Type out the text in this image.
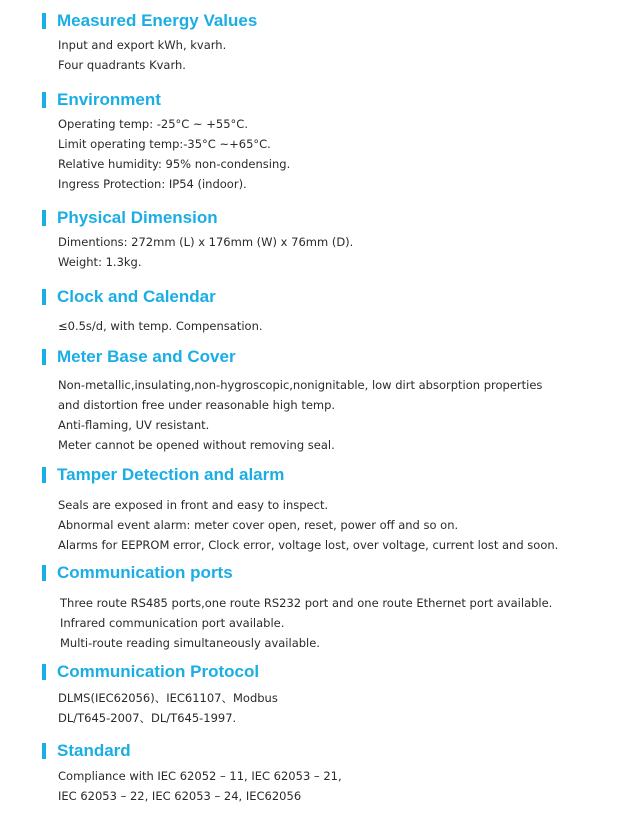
Measured Energy Values
Input and export kWh, kvarh.
Four quadrants Kvarh.
Environment
Operating temp: -25°C ~ +55°C.
Limit operating temp:-35°C ~+65°C.
Relative humidity: 95% non-condensing.
Ingress Protection: IP54 (indoor).
Physical Dimension
Dimentions: 272mm (L) x 176mm (W) x 76mm (D).
Weight: 1.3kg.
Clock and Calendar
≤0.5s/d, with temp. Compensation.
Meter Base and Cover
Non-metallic,insulating,non-hygroscopic,nonignitable, low dirt absorption properties
and distortion free under reasonable high temp.
Anti-flaming, UV resistant.
Meter cannot be opened without removing seal.
Tamper Detection and alarm
Seals are exposed in front and easy to inspect.
Abnormal event alarm: meter cover open, reset, power off and so on.
Alarms for EEPROM error, Clock error, voltage lost, over voltage, current lost and soon.
Communication ports
Three route RS485 ports,one route RS232 port and one route Ethernet port available.
Infrared communication port available.
Multi-route reading simultaneously available.
Communication Protocol
DLMS(IEC62056)、IEC61107、Modbus
DL/T645-2007、DL/T645-1997.
Standard
Compliance with IEC 62052 – 11, IEC 62053 – 21,
IEC 62053 – 22, IEC 62053 – 24, IEC62056
